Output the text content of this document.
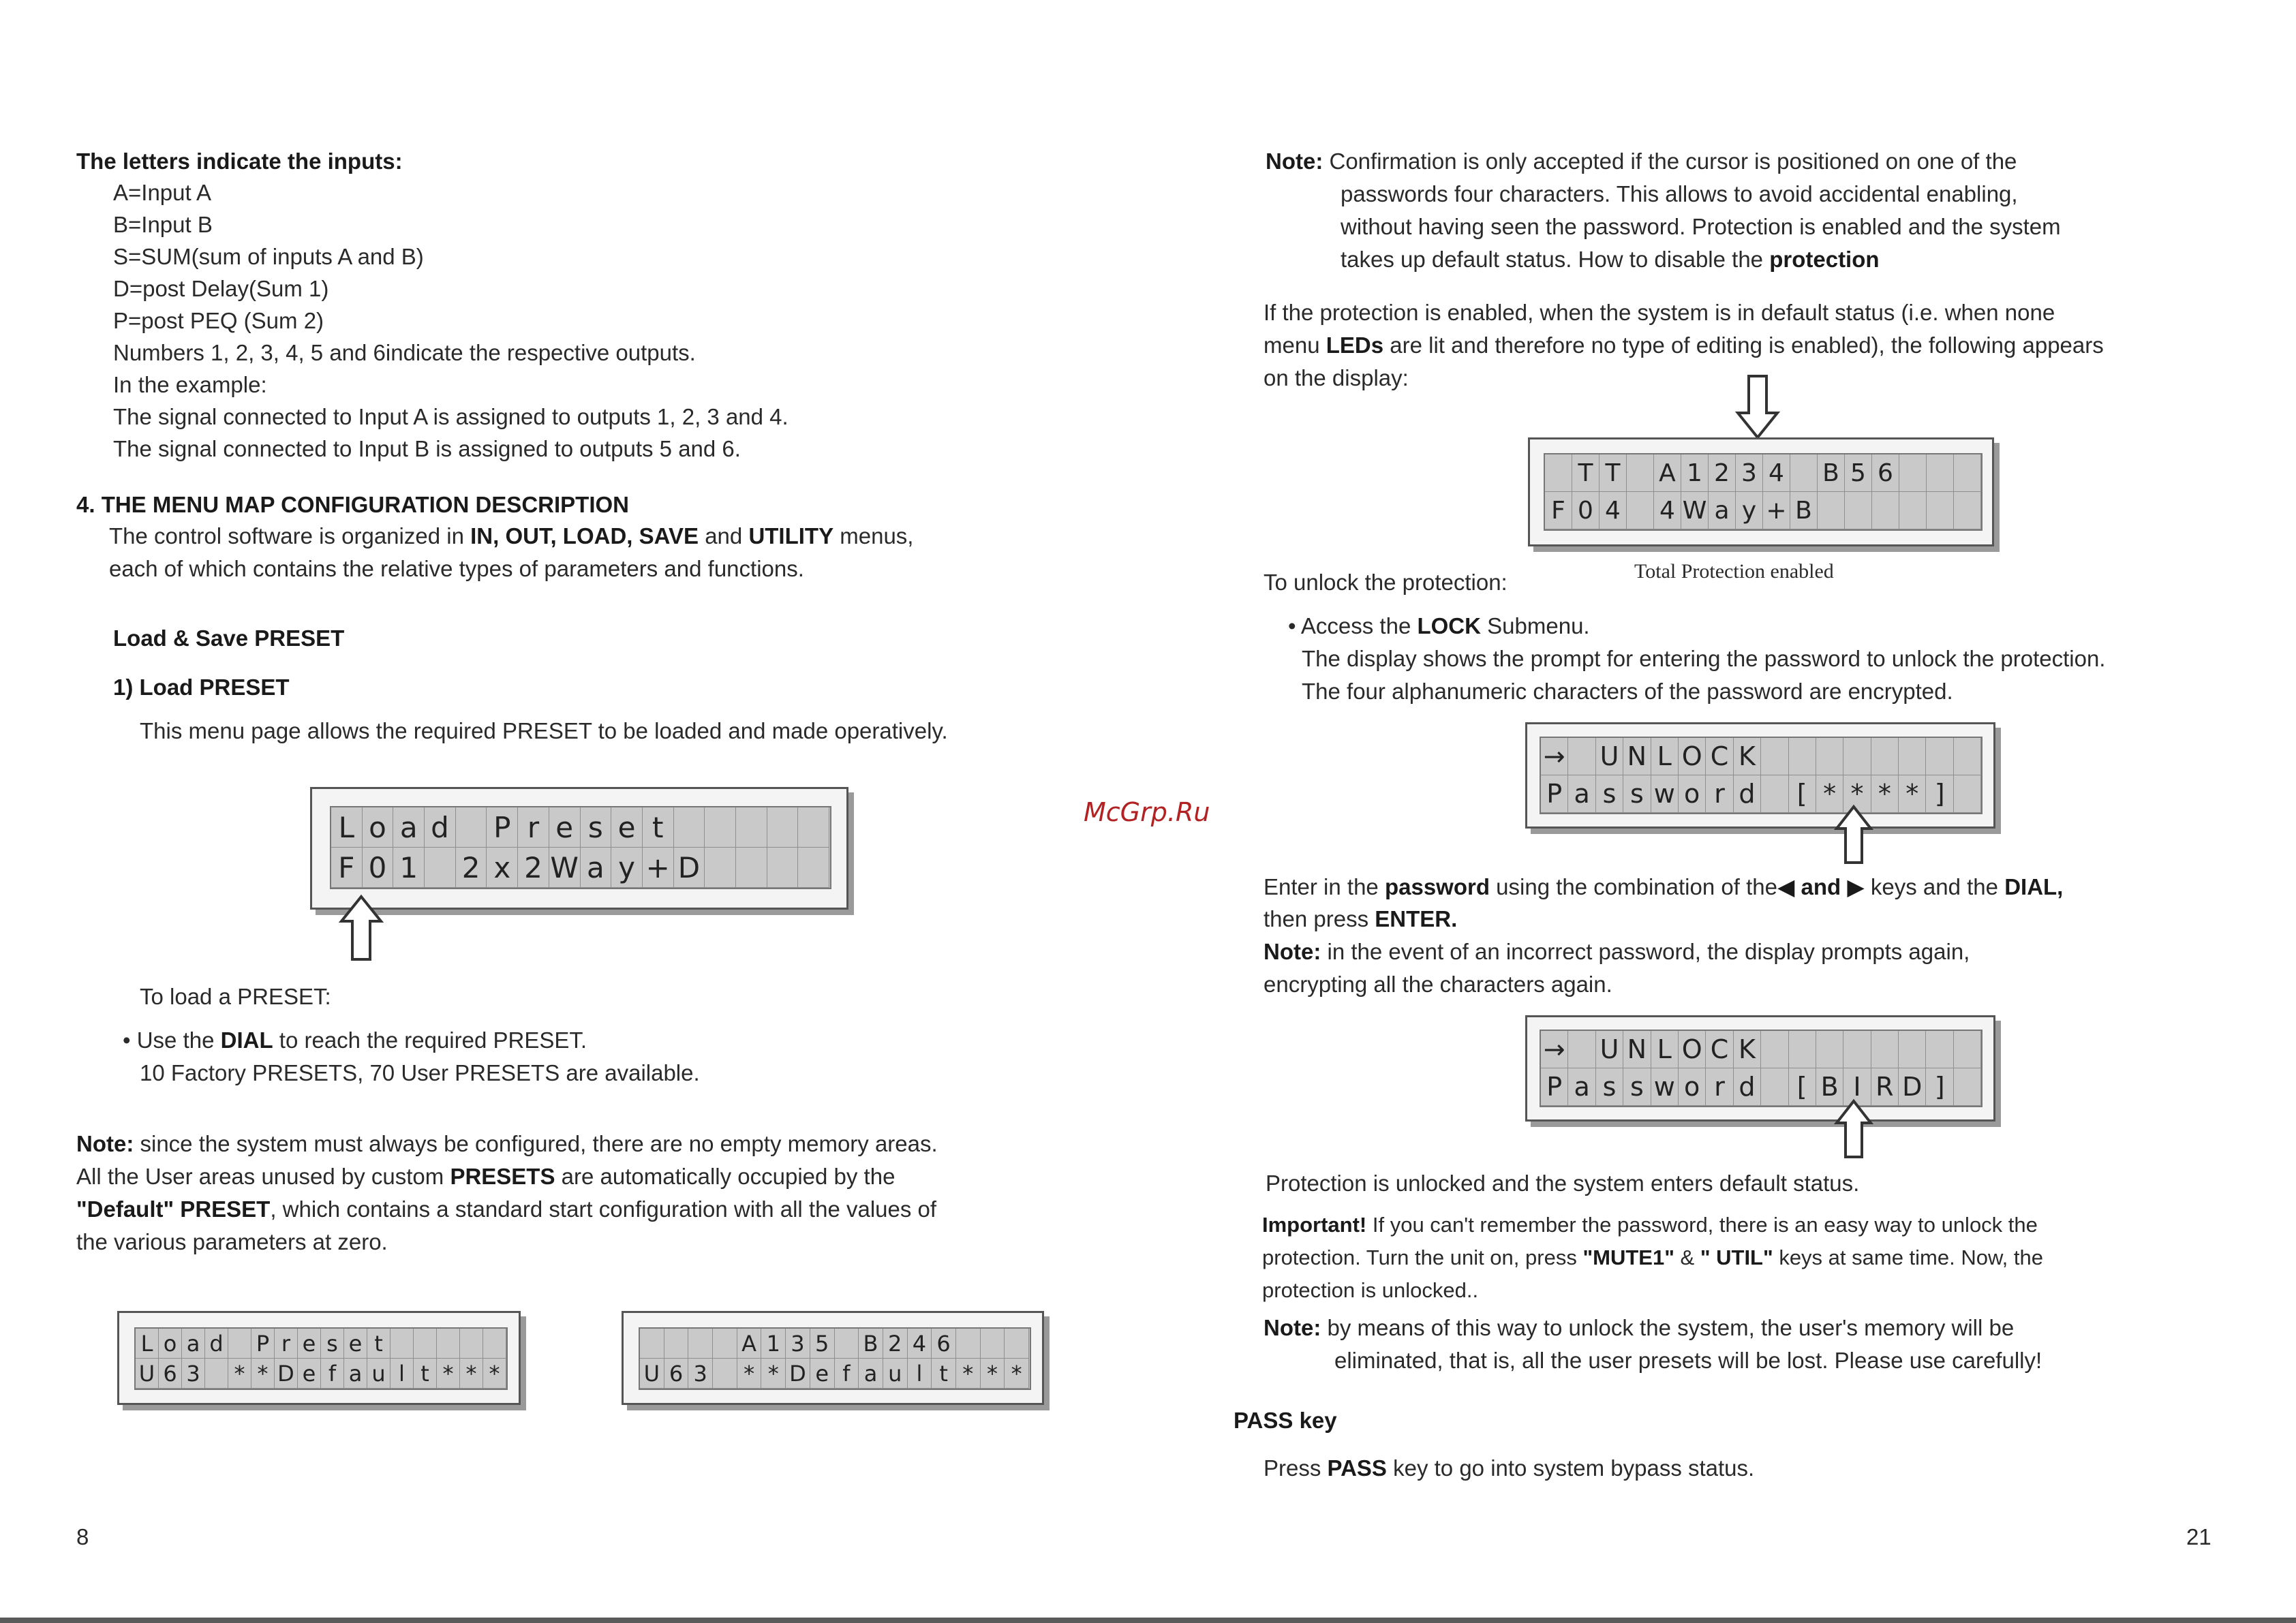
The letters indicate the inputs:
A=Input A
B=Input B
S=SUM(sum of inputs A and B)
D=post Delay(Sum 1)
P=post PEQ (Sum 2)
Numbers 1, 2, 3, 4, 5 and 6indicate the respective outputs.
In the example:
The signal connected to Input A is assigned to outputs 1, 2, 3 and 4.
The signal connected to Input B is assigned to outputs 5 and 6.
4. THE MENU MAP CONFIGURATION DESCRIPTION
The control software is organized in IN, OUT, LOAD, SAVE and UTILITY menus,
each of which contains the relative types of parameters and functions.
Load & Save PRESET
1) Load PRESET
This menu page allows the required PRESET to be loaded and made operatively.
L o a d
P r e s e t

F 0 1
2 x 2 W a y + D

To load a PRESET:
• Use the DIAL to reach the required PRESET.
10 Factory PRESETS, 70 User PRESETS are available.
Note: since the system must always be configured, there are no empty memory areas.
All the User areas unused by custom PRESETS are automatically occupied by the
"Default" PRESET, which contains a standard start configuration with all the values of
the various parameters at zero.
L o a d
P r e s e t

U 6 3
* * D e f a u l t * * *

A 1 3 5
B 2 4 6

U 6 3
* * D e f a u l t * * *
8
McGrp.Ru
Note: Confirmation is only accepted if the cursor is positioned on one of the
passwords four characters. This allows to avoid accidental enabling,
without having seen the password. Protection is enabled and the system
takes up default status. How to disable the protection
If the protection is enabled, when the system is in default status (i.e. when none
menu LEDs are lit and therefore no type of editing is enabled), the following appears
on the display:

T T
A 1 2 3 4
B 5 6

F 0 4
4 W a y + B

Total Protection enabled
To unlock the protection:
• Access the LOCK Submenu.
The display shows the prompt for entering the password to unlock the protection.
The four alphanumeric characters of the password are encrypted.
→
U N L O C K

P a s s w o r d
	[ * * * * ]

Enter in the password using the combination of the◀ and ▶ keys and the DIAL,
then press ENTER.
Note: in the event of an incorrect password, the display prompts again,
encrypting all the characters again.
→
U N L O C K

P a s s w o r d
	[ B I R D ]

Protection is unlocked and the system enters default status.
Important! If you can't remember the password, there is an easy way to unlock the
protection. Turn the unit on, press "MUTE1" & " UTIL" keys at same time. Now, the
protection is unlocked..
Note: by means of this way to unlock the system, the user's memory will be
eliminated, that is, all the user presets will be lost. Please use carefully!
PASS key
Press PASS key to go into system bypass status.
21
